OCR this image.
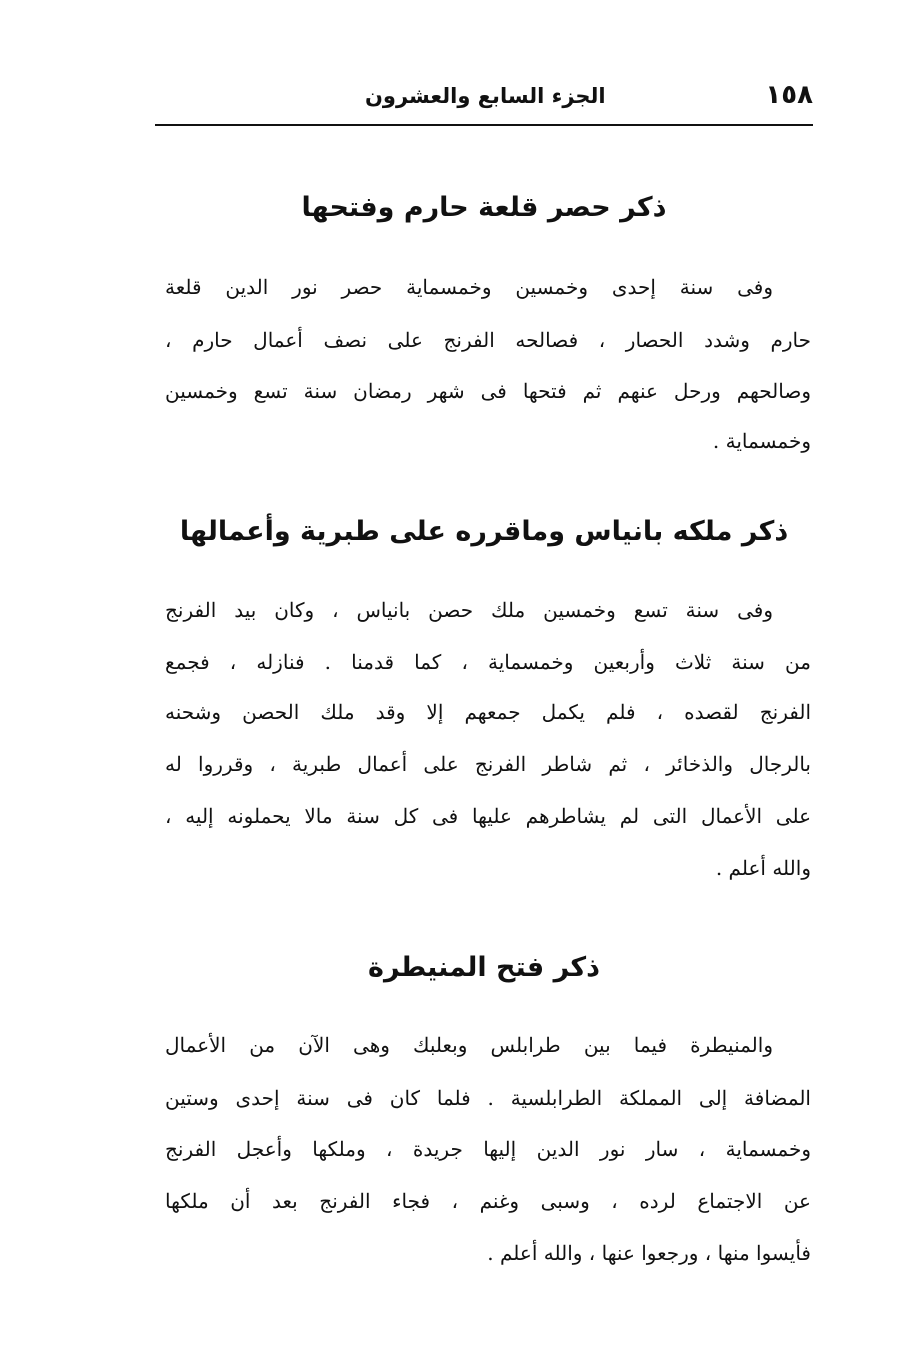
١٥٨
الجزء السابع والعشرون
ذكر حصر قلعة حارم وفتحها
وفى سنة إحدى وخمسين وخمسماية حصر نور الدين قلعة
حارم وشدد الحصار ، فصالحه الفرنج على نصف أعمال حارم ،
وصالحهم ورحل عنهم ثم فتحها فى شهر رمضان سنة تسع وخمسين
وخمسماية .
ذكر ملكه بانياس وماقرره على طبرية وأعمالها
وفى سنة تسع وخمسين ملك حصن بانياس ، وكان بيد الفرنج
من سنة ثلاث وأربعين وخمسماية ، كما قدمنا . فنازله ، فجمع
الفرنج لقصده ، فلم يكمل جمعهم إلا وقد ملك الحصن وشحنه
بالرجال والذخائر ، ثم شاطر الفرنج على أعمال طبرية ، وقرروا له
على الأعمال التى لم يشاطرهم عليها فى كل سنة مالا يحملونه إليه ،
والله أعلم .
ذكر فتح المنيطرة
والمنيطرة فيما بين طرابلس وبعلبك وهى الآن من الأعمال
المضافة إلى المملكة الطرابلسية . فلما كان فى سنة إحدى وستين
وخمسماية ، سار نور الدين إليها جريدة ، وملكها وأعجل الفرنج
عن الاجتماع لرده ، وسبى وغنم ، فجاء الفرنج بعد أن ملكها
فأيسوا منها ، ورجعوا عنها ، والله أعلم .
